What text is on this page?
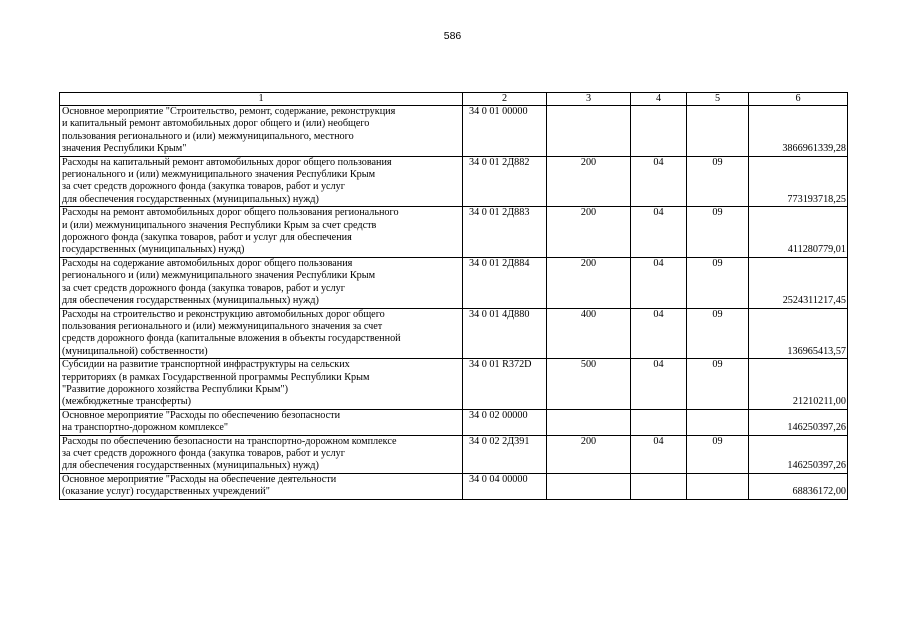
586
1	2	3	4	5	6
Основное мероприятие "Строительство, ремонт, содержание, реконструкция
и капитальный ремонт автомобильных дорог общего и (или) необщего
пользования регионального и (или) межмуниципального, местного
значения Республики Крым"	34 0 01 00000				3866961339,28
Расходы на капитальный ремонт автомобильных дорог общего пользования
регионального и (или) межмуниципального значения Республики Крым
за счет средств дорожного фонда (закупка товаров, работ и услуг
для обеспечения государственных (муниципальных) нужд)	34 0 01 2Д882	200	04	09	773193718,25
Расходы на ремонт автомобильных дорог общего пользования регионального
и (или) межмуниципального значения Республики Крым за счет средств
дорожного фонда (закупка товаров, работ и услуг для обеспечения
государственных (муниципальных) нужд)	34 0 01 2Д883	200	04	09	411280779,01
Расходы на содержание автомобильных дорог общего пользования
регионального и (или) межмуниципального значения Республики Крым
за счет средств дорожного фонда (закупка товаров, работ и услуг
для обеспечения государственных (муниципальных) нужд)	34 0 01 2Д884	200	04	09	2524311217,45
Расходы на строительство и реконструкцию автомобильных дорог общего
пользования регионального и (или) межмуниципального значения за счет
средств дорожного фонда (капитальные вложения в объекты государственной
(муниципальной) собственности)	34 0 01 4Д880	400	04	09	136965413,57
Субсидии на развитие транспортной инфраструктуры на сельских
территориях (в рамках Государственной программы Республики Крым
"Развитие дорожного хозяйства Республики Крым")
(межбюджетные трансферты)	34 0 01 R372D	500	04	09	21210211,00
Основное мероприятие "Расходы по обеспечению безопасности
на транспортно-дорожном комплексе"	34 0 02 00000				146250397,26
Расходы по обеспечению безопасности на транспортно-дорожном комплексе
за счет средств дорожного фонда (закупка товаров, работ и услуг
для обеспечения государственных (муниципальных) нужд)	34 0 02 2Д391	200	04	09	146250397,26
Основное мероприятие "Расходы на обеспечение деятельности
(оказание услуг) государственных учреждений"	34 0 04 00000				68836172,00
